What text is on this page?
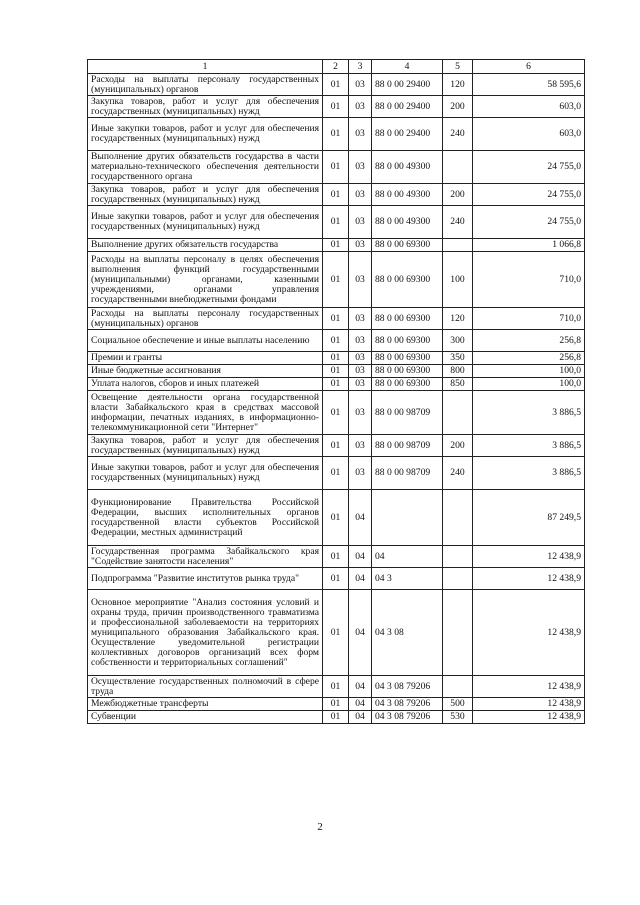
1	2	3	4	5	6
Расходы на выплаты персоналу государственных (муниципальных) органов	01	03	88 0 00 29400	120	58 595,6
Закупка товаров, работ и услуг для обеспечения государственных (муниципальных) нужд	01	03	88 0 00 29400	200	603,0
Иные закупки товаров, работ и услуг для обеспечения государственных (муниципальных) нужд	01	03	88 0 00 29400	240	603,0
Выполнение других обязательств государства в части материально-технического обеспечения деятельности государственного органа	01	03	88 0 00 49300		24 755,0
Закупка товаров, работ и услуг для обеспечения государственных (муниципальных) нужд	01	03	88 0 00 49300	200	24 755,0
Иные закупки товаров, работ и услуг для обеспечения государственных (муниципальных) нужд	01	03	88 0 00 49300	240	24 755,0
Выполнение других обязательств государства	01	03	88 0 00 69300		1 066,8
Расходы на выплаты персоналу в целях обеспечения выполнения функций государственными (муниципальными) органами, казенными учреждениями, органами управления государственными внебюджетными фондами	01	03	88 0 00 69300	100	710,0
Расходы на выплаты персоналу государственных (муниципальных) органов	01	03	88 0 00 69300	120	710,0
Социальное обеспечение и иные выплаты населению	01	03	88 0 00 69300	300	256,8
Премии и гранты	01	03	88 0 00 69300	350	256,8
Иные бюджетные ассигнования	01	03	88 0 00 69300	800	100,0
Уплата налогов, сборов и иных платежей	01	03	88 0 00 69300	850	100,0
Освещение деятельности органа государственной власти Забайкальского края в средствах массовой информации, печатных изданиях, в информационно-телекоммуникационной сети "Интернет"	01	03	88 0 00 98709		3 886,5
Закупка товаров, работ и услуг для обеспечения государственных (муниципальных) нужд	01	03	88 0 00 98709	200	3 886,5
Иные закупки товаров, работ и услуг для обеспечения государственных (муниципальных) нужд	01	03	88 0 00 98709	240	3 886,5
Функционирование Правительства Российской Федерации, высших исполнительных органов государственной власти субъектов Российской Федерации, местных администраций	01	04			87 249,5
Государственная программа Забайкальского края "Содействие занятости населения"	01	04	04		12 438,9
Подпрограмма "Развитие институтов рынка труда"	01	04	04 3		12 438,9
Основное мероприятие "Анализ состояния условий и охраны труда, причин производственного травматизма и профессиональной заболеваемости на территориях муниципального образования Забайкальского края. Осуществление уведомительной регистрации коллективных договоров организаций всех форм собственности и территориальных соглашений"	01	04	04 3 08		12 438,9
Осуществление государственных полномочий в сфере труда	01	04	04 3 08 79206		12 438,9
Межбюджетные трансферты	01	04	04 3 08 79206	500	12 438,9
Субвенции	01	04	04 3 08 79206	530	12 438,9
2
